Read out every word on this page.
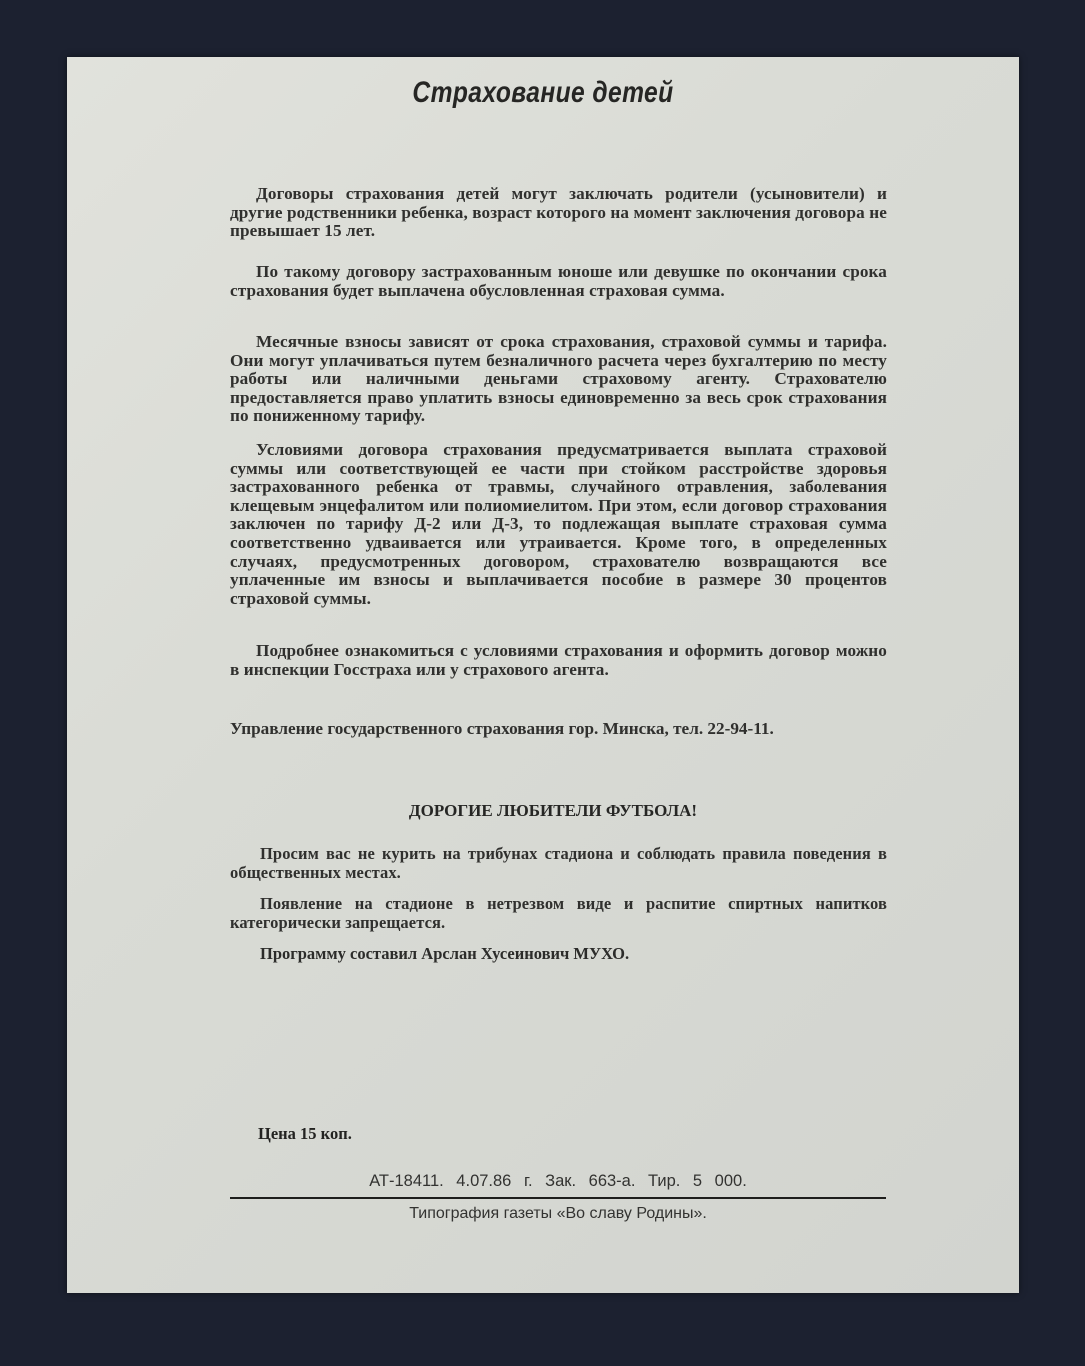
Страхование детей

Договоры страхования детей могут заключать родители (усыновители) и другие родственники ребенка, возраст которого на момент заключения договора не превышает 15 лет.

По такому договору застрахованным юноше или девушке по окончании срока страхования будет выплачена обусловленная страховая сумма.

Месячные взносы зависят от срока страхования, страховой суммы и тарифа. Они могут уплачиваться путем безналичного расчета через бухгалтерию по месту работы или наличными деньгами страховому агенту. Страхователю предоставляется право уплатить взносы единовременно за весь срок страхования по пониженному тарифу.

Условиями договора страхования предусматривается выплата страховой суммы или соответствующей ее части при стойком расстройстве здоровья застрахованного ребенка от травмы, случайного отравления, заболевания клещевым энцефалитом или полиомиелитом. При этом, если договор страхования заключен по тарифу Д-2 или Д-3, то подлежащая выплате страховая сумма соответственно удваивается или утраивается. Кроме того, в определенных случаях, предусмотренных договором, страхователю возвращаются все уплаченные им взносы и выплачивается пособие в размере 30 процентов страховой суммы.

Подробнее ознакомиться с условиями страхования и оформить договор можно в инспекции Госстраха или у страхового агента.

Управление государственного страхования гор. Минска, тел. 22-94-11.
ДОРОГИЕ ЛЮБИТЕЛИ ФУТБОЛА!

Просим вас не курить на трибунах стадиона и соблюдать правила поведения в общественных местах.

Появление на стадионе в нетрезвом виде и распитие спиртных напитков категорически запрещается.

Программу составил Арслан Хусеинович МУХО.
Цена 15 коп.
АТ-18411. 4.07.86 г. Зак. 663-а. Тир. 5 000.
Типография газеты «Во славу Родины».
